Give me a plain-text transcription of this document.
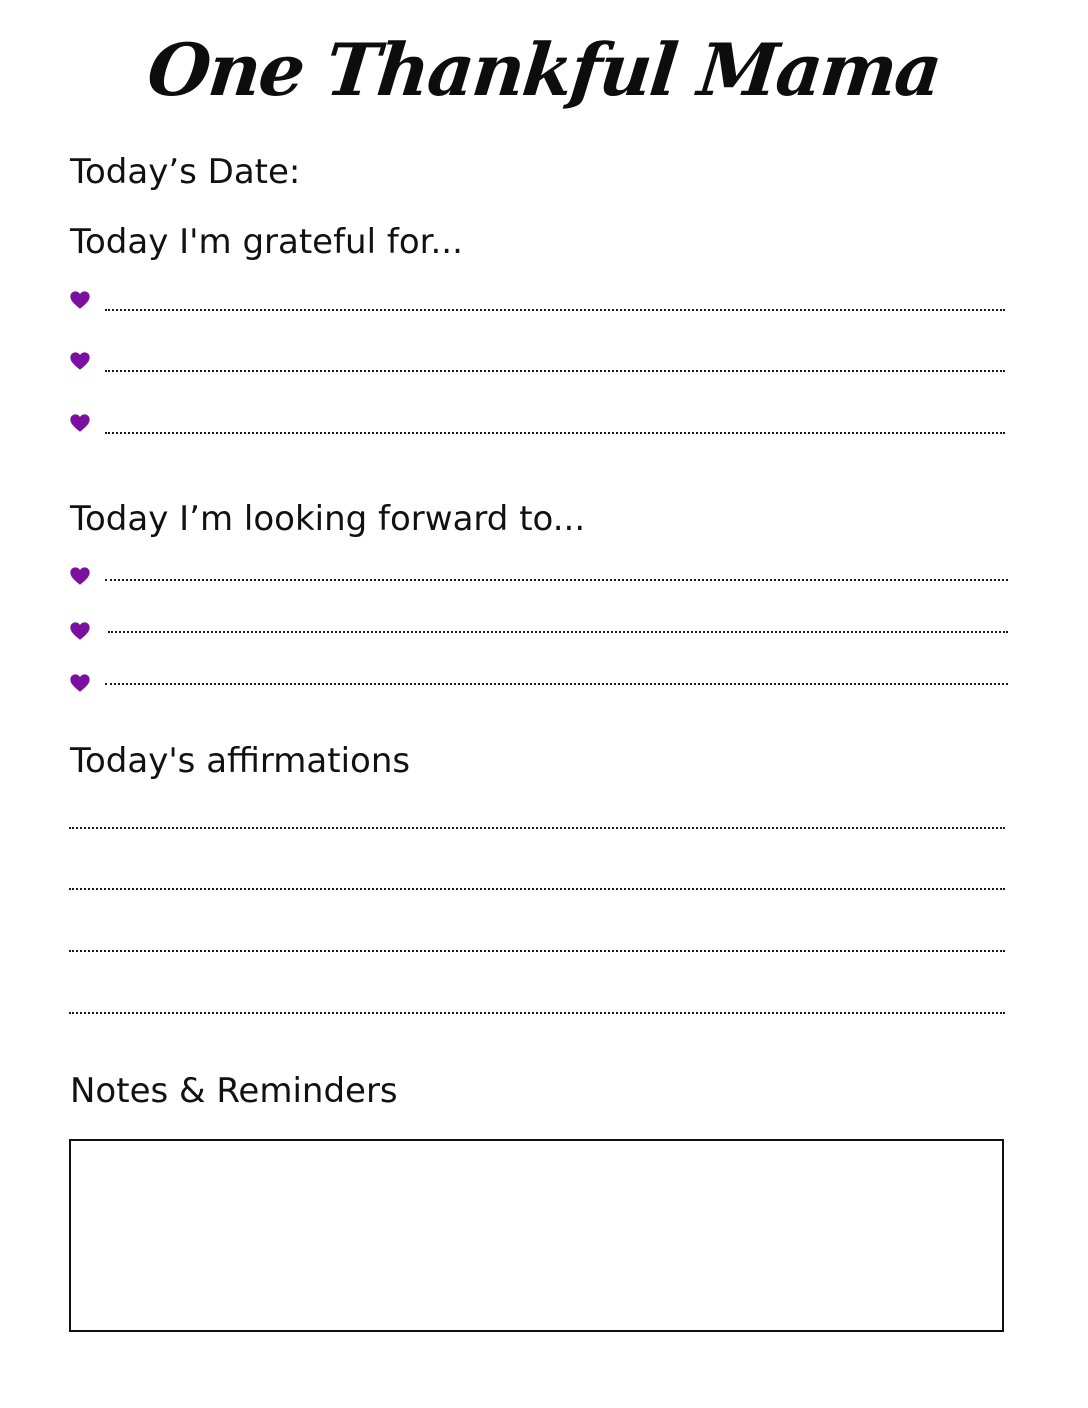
One Thankful Mama
Today’s Date:
Today I'm grateful for...
Today I’m looking forward to...
Today's affirmations
Notes & Reminders
